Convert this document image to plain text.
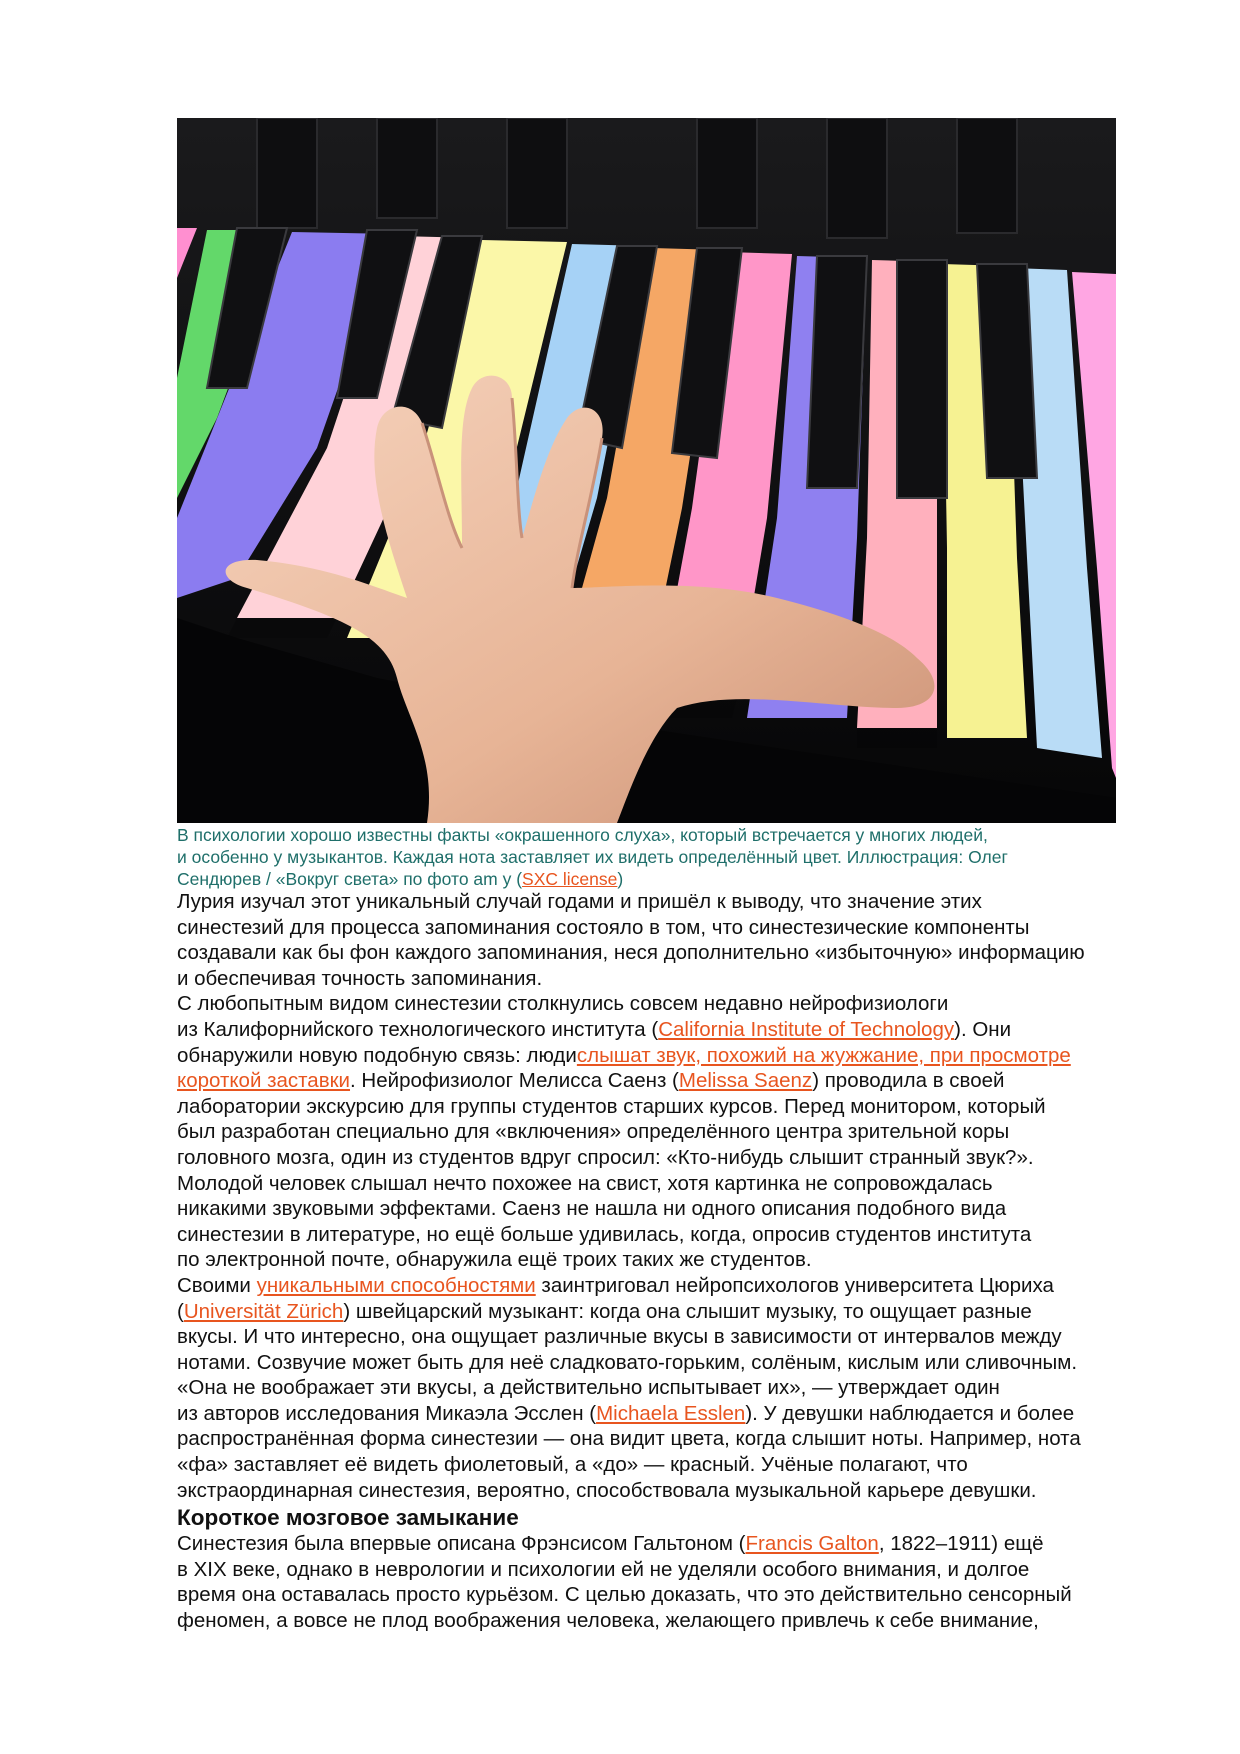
В психологии хорошо известны факты «окрашенного слуха», который встречается у многих людей,
и особенно у музыкантов. Каждая нота заставляет их видеть определённый цвет. Иллюстрация: Олег
Сендюрев / «Вокруг света» по фото am y (SXC license)
Лурия изучал этот уникальный случай годами и пришёл к выводу, что значение этих
синестезий для процесса запоминания состояло в том, что синестезические компоненты
создавали как бы фон каждого запоминания, неся дополнительно «избыточную» информацию
и обеспечивая точность запоминания.
С любопытным видом синестезии столкнулись совсем недавно нейрофизиологи
из Калифорнийского технологического института (California Institute of Technology). Они
обнаружили новую подобную связь: людислышат звук, похожий на жужжание, при просмотре
короткой заставки. Нейрофизиолог Мелисса Саенз (Melissa Saenz) проводила в своей
лаборатории экскурсию для группы студентов старших курсов. Перед монитором, который
был разработан специально для «включения» определённого центра зрительной коры
головного мозга, один из студентов вдруг спросил: «Кто-нибудь слышит странный звук?».
Молодой человек слышал нечто похожее на свист, хотя картинка не сопровождалась
никакими звуковыми эффектами. Саенз не нашла ни одного описания подобного вида
синестезии в литературе, но ещё больше удивилась, когда, опросив студентов института
по электронной почте, обнаружила ещё троих таких же студентов.
Своими уникальными способностями заинтриговал нейропсихологов университета Цюриха
(Universität Zürich) швейцарский музыкант: когда она слышит музыку, то ощущает разные
вкусы. И что интересно, она ощущает различные вкусы в зависимости от интервалов между
нотами. Созвучие может быть для неё сладковато-горьким, солёным, кислым или сливочным.
«Она не воображает эти вкусы, а действительно испытывает их», — утверждает один
из авторов исследования Микаэла Эсслен (Michaela Esslen). У девушки наблюдается и более
распространённая форма синестезии — она видит цвета, когда слышит ноты. Например, нота
«фа» заставляет её видеть фиолетовый, а «до» — красный. Учёные полагают, что
экстраординарная синестезия, вероятно, способствовала музыкальной карьере девушки.
Короткое мозговое замыкание
Синестезия была впервые описана Фрэнсисом Гальтоном (Francis Galton, 1822–1911) ещё
в XIX веке, однако в неврологии и психологии ей не уделяли особого внимания, и долгое
время она оставалась просто курьёзом. С целью доказать, что это действительно сенсорный
феномен, а вовсе не плод воображения человека, желающего привлечь к себе внимание,
